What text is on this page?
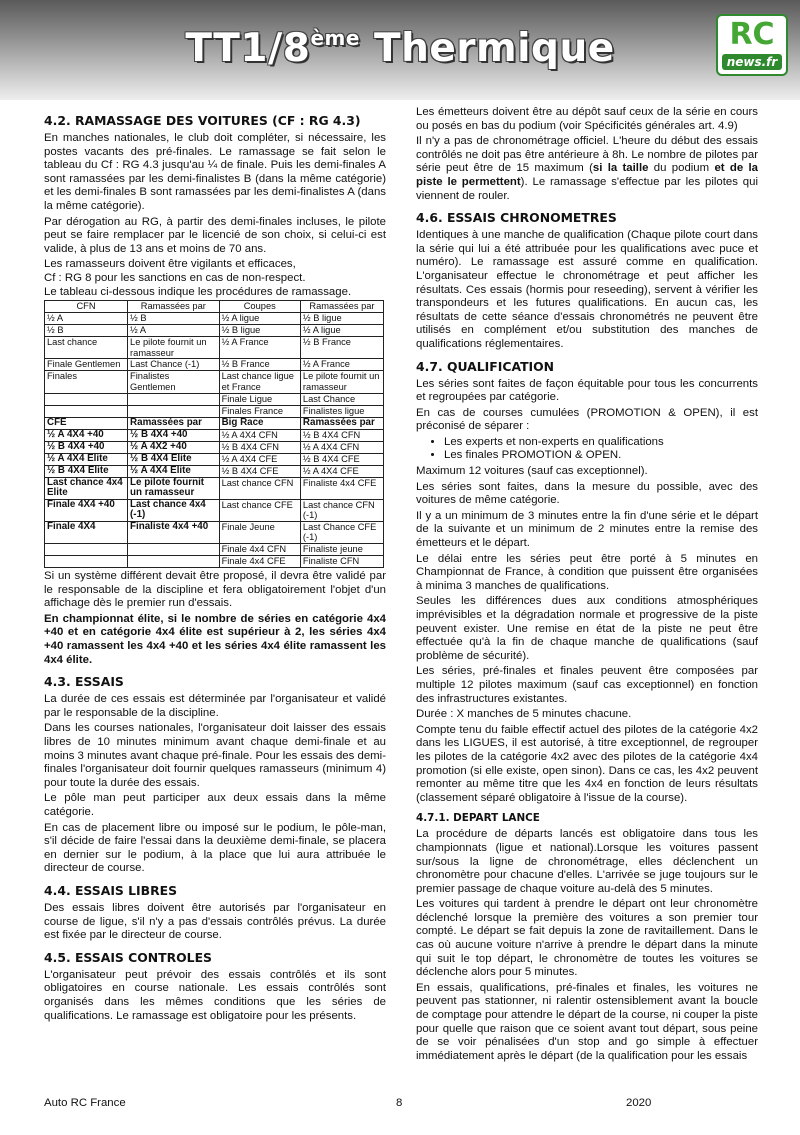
TT1/8ème Thermique	RC
news.fr
4.2. RAMASSAGE DES VOITURES (CF : RG 4.3)

En manches nationales, le club doit compléter, si nécessaire, les postes vacants des pré-finales. Le ramassage se fait selon le tableau du Cf : RG 4.3 jusqu'au ¼ de finale. Puis les demi-finales A sont ramassées par les demi-finalistes B (dans la même catégorie) et les demi-finales B sont ramassées par les demi-finalistes A (dans la même catégorie).

Par dérogation au RG, à partir des demi-finales incluses, le pilote peut se faire remplacer par le licencié de son choix, si celui-ci est valide, à plus de 13 ans et moins de 70 ans.

Les ramasseurs doivent être vigilants et efficaces,

Cf : RG 8 pour les sanctions en cas de non-respect.

Le tableau ci-dessous indique les procédures de ramassage.

CFN	Ramassées par	Coupes	Ramassées par
½ A	½ B	½ A ligue	½ B ligue
½ B	½ A	½ B ligue	½ A ligue
Last chance	Le pilote fournit un ramasseur	½ A France	½ B France
Finale Gentlemen	Last Chance (-1)	½ B France	½ A France
Finales	Finalistes Gentlemen	Last chance ligue et France	Le pilote fournit un ramasseur
		Finale Ligue	Last Chance
		Finales France	Finalistes ligue
CFE	Ramassées par	Big Race	Ramassées par
½ A 4X4 +40	½ B 4X4 +40	½ A 4X4 CFN	½ B 4X4 CFN
½ B 4X4 +40	½ A 4X2 +40	½ B 4X4 CFN	½ A 4X4 CFN
½ A 4X4 Elite	½ B 4X4 Elite	½ A 4X4 CFE	½ B 4X4 CFE
½ B 4X4 Elite	½ A 4X4 Elite	½ B 4X4 CFE	½ A 4X4 CFE
Last chance 4x4 Elite	Le pilote fournit un ramasseur	Last chance CFN	Finaliste 4x4 CFE
Finale 4X4 +40	Last chance 4x4 (-1)	Last chance CFE	Last chance CFN (-1)
Finale 4X4	Finaliste 4x4 +40	Finale Jeune	Last Chance CFE (-1)
		Finale 4x4 CFN	Finaliste jeune
		Finale 4x4 CFE	Finaliste CFN

Si un système différent devait être proposé, il devra être validé par le responsable de la discipline et fera obligatoirement l'objet d'un affichage dès le premier run d'essais.

En championnat élite, si le nombre de séries en catégorie 4x4 +40 et en catégorie 4x4 élite est supérieur à 2, les séries 4x4 +40 ramassent les 4x4 +40 et les séries 4x4 élite ramassent les 4x4 élite.

4.3. ESSAIS

La durée de ces essais est déterminée par l'organisateur et validé par le responsable de la discipline.

Dans les courses nationales, l'organisateur doit laisser des essais libres de 10 minutes minimum avant chaque demi-finale et au moins 3 minutes avant chaque pré-finale. Pour les essais des demi-finales l'organisateur doit fournir quelques ramasseurs (minimum 4) pour toute la durée des essais.

Le pôle man peut participer aux deux essais dans la même catégorie.

En cas de placement libre ou imposé sur le podium, le pôle-man, s'il décide de faire l'essai dans la deuxième demi-finale, se placera en dernier sur le podium, à la place que lui aura attribuée le directeur de course.

4.4. ESSAIS LIBRES

Des essais libres doivent être autorisés par l'organisateur en course de ligue, s'il n'y a pas d'essais contrôlés prévus. La durée est fixée par le directeur de course.

4.5. ESSAIS CONTROLES

L'organisateur peut prévoir des essais contrôlés et ils sont obligatoires en course nationale. Les essais contrôlés sont organisés dans les mêmes conditions que les séries de qualifications. Le ramassage est obligatoire pour les présents.

Les émetteurs doivent être au dépôt sauf ceux de la série en cours ou posés en bas du podium (voir Spécificités générales art. 4.9)

Il n'y a pas de chronométrage officiel. L'heure du début des essais contrôlés ne doit pas être antérieure à 8h. Le nombre de pilotes par série peut être de 15 maximum (si la taille du podium et de la piste le permettent). Le ramassage s'effectue par les pilotes qui viennent de rouler.

4.6. ESSAIS CHRONOMETRES

Identiques à une manche de qualification (Chaque pilote court dans la série qui lui a été attribuée pour les qualifications avec puce et numéro). Le ramassage est assuré comme en qualification. L'organisateur effectue le chronométrage et peut afficher les résultats. Ces essais (hormis pour reseeding), servent à vérifier les transpondeurs et les futures qualifications. En aucun cas, les résultats de cette séance d'essais chronométrés ne peuvent être utilisés en complément et/ou substitution des manches de qualifications réglementaires.

4.7. QUALIFICATION

Les séries sont faites de façon équitable pour tous les concurrents et regroupées par catégorie.

En cas de courses cumulées (PROMOTION & OPEN), il est préconisé de séparer :

• Les experts et non-experts en qualifications
• Les finales PROMOTION & OPEN.

Maximum 12 voitures (sauf cas exceptionnel).

Les séries sont faites, dans la mesure du possible, avec des voitures de même catégorie.

Il y a un minimum de 3 minutes entre la fin d'une série et le départ de la suivante et un minimum de 2 minutes entre la remise des émetteurs et le départ.

Le délai entre les séries peut être porté à 5 minutes en Championnat de France, à condition que puissent être organisées à minima 3 manches de qualifications.

Seules les différences dues aux conditions atmosphériques imprévisibles et la dégradation normale et progressive de la piste peuvent exister. Une remise en état de la piste ne peut être effectuée qu'à la fin de chaque manche de qualifications (sauf problème de sécurité).

Les séries, pré-finales et finales peuvent être composées par multiple 12 pilotes maximum (sauf cas exceptionnel) en fonction des infrastructures existantes.

Durée : X manches de 5 minutes chacune.

Compte tenu du faible effectif actuel des pilotes de la catégorie 4x2 dans les LIGUES, il est autorisé, à titre exceptionnel, de regrouper les pilotes de la catégorie 4x2 avec des pilotes de la catégorie 4x4 promotion (si elle existe, open sinon). Dans ce cas, les 4x2 peuvent remonter au même titre que les 4x4 en fonction de leurs résultats (classement séparé obligatoire à l'issue de la course).

4.7.1. DEPART LANCE

La procédure de départs lancés est obligatoire dans tous les championnats (ligue et national).Lorsque les voitures passent sur/sous la ligne de chronométrage, elles déclenchent un chronomètre pour chacune d'elles. L'arrivée se juge toujours sur le premier passage de chaque voiture au-delà des 5 minutes.

Les voitures qui tardent à prendre le départ ont leur chronomètre déclenché lorsque la première des voitures a son premier tour compté. Le départ se fait depuis la zone de ravitaillement. Dans le cas où aucune voiture n'arrive à prendre le départ dans la minute qui suit le top départ, le chronomètre de toutes les voitures se déclenche alors pour 5 minutes.

En essais, qualifications, pré-finales et finales, les voitures ne peuvent pas stationner, ni ralentir ostensiblement avant la boucle de comptage pour attendre le départ de la course, ni couper la piste pour quelle que raison que ce soient avant tout départ, sous peine de se voir pénalisées d'un stop and go simple à effectuer immédiatement après le départ (de la qualification pour les essais

Auto RC France	8	2020
